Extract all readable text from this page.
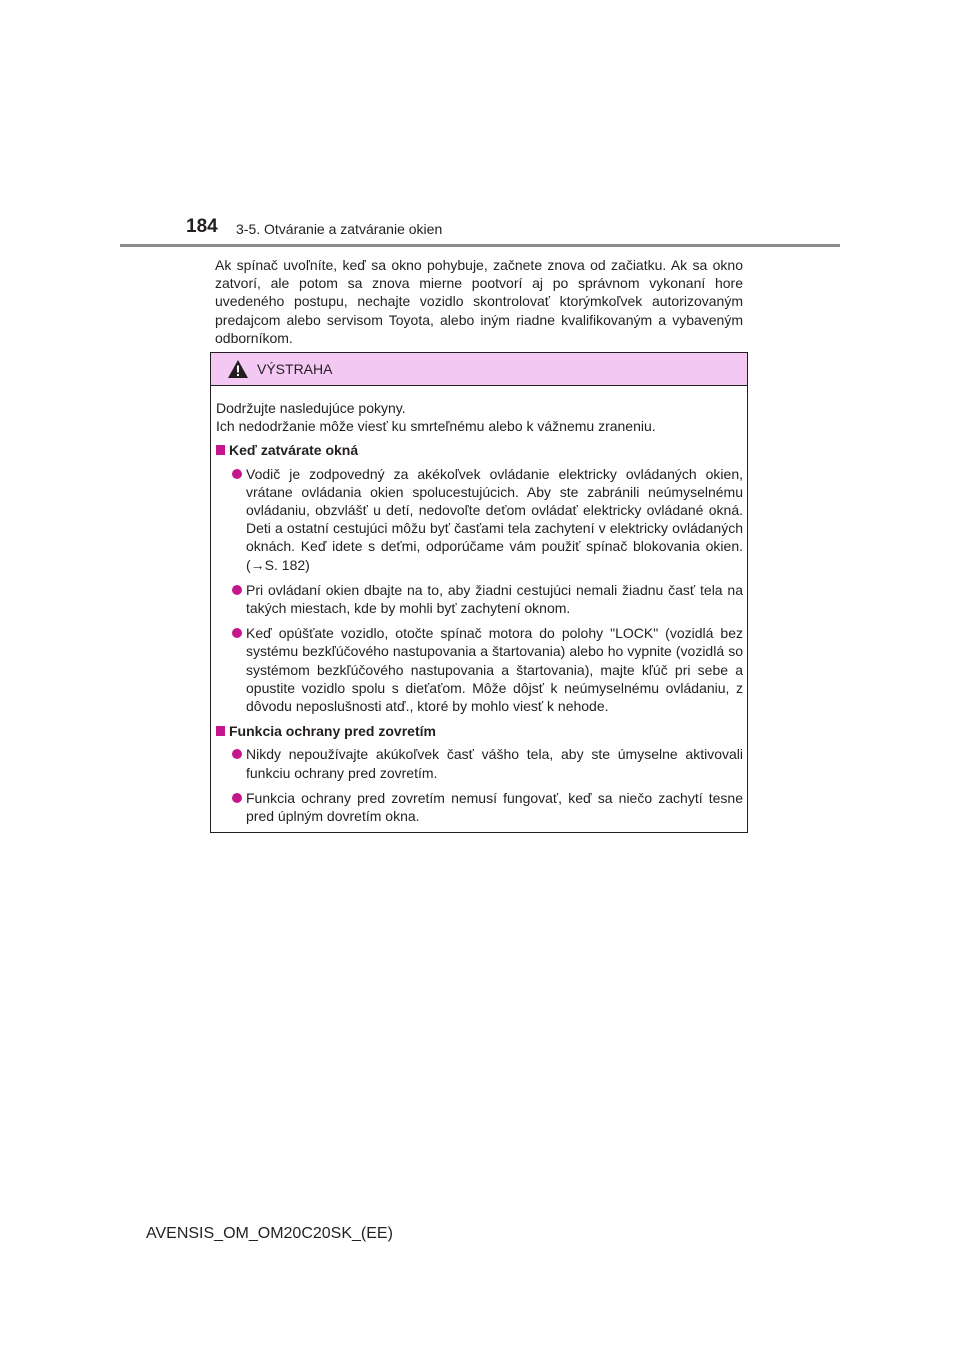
184 3-5. Otváranie a zatváranie okien

Ak spínač uvoľníte, keď sa okno pohybuje, začnete znova od začiatku. Ak sa okno zatvorí, ale potom sa znova mierne pootvorí aj po správnom vykonaní hore uvedeného postupu, nechajte vozidlo skontrolovať ktorýmkoľvek autorizovaným predajcom alebo servisom Toyota, alebo iným riadne kvalifikovaným a vybaveným odborníkom.

VÝSTRAHA

Dodržujte nasledujúce pokyny.

Ich nedodržanie môže viesť ku smrteľnému alebo k vážnemu zraneniu.

Keď zatvárate okná

Vodič je zodpovedný za akékoľvek ovládanie elektricky ovládaných okien, vrátane ovládania okien spolucestujúcich. Aby ste zabránili neúmyselnému ovládaniu, obzvlášť u detí, nedovoľte deťom ovládať elektricky ovládané okná. Deti a ostatní cestujúci môžu byť časťami tela zachytení v elektricky ovládaných oknách. Keď idete s deťmi, odporúčame vám použiť spínač blokovania okien. (→S. 182)

Pri ovládaní okien dbajte na to, aby žiadni cestujúci nemali žiadnu časť tela na takých miestach, kde by mohli byť zachytení oknom.

Keď opúšťate vozidlo, otočte spínač motora do polohy "LOCK" (vozidlá bez systému bezkľúčového nastupovania a štartovania) alebo ho vypnite (vozidlá so systémom bezkľúčového nastupovania a štartovania), majte kľúč pri sebe a opustite vozidlo spolu s dieťaťom. Môže dôjsť k neúmyselnému ovládaniu, z dôvodu neposlušnosti atď., ktoré by mohlo viesť k nehode.

Funkcia ochrany pred zovretím

Nikdy nepoužívajte akúkoľvek časť vášho tela, aby ste úmyselne aktivovali funkciu ochrany pred zovretím.

Funkcia ochrany pred zovretím nemusí fungovať, keď sa niečo zachytí tesne pred úplným dovretím okna.

AVENSIS_OM_OM20C20SK_(EE)
